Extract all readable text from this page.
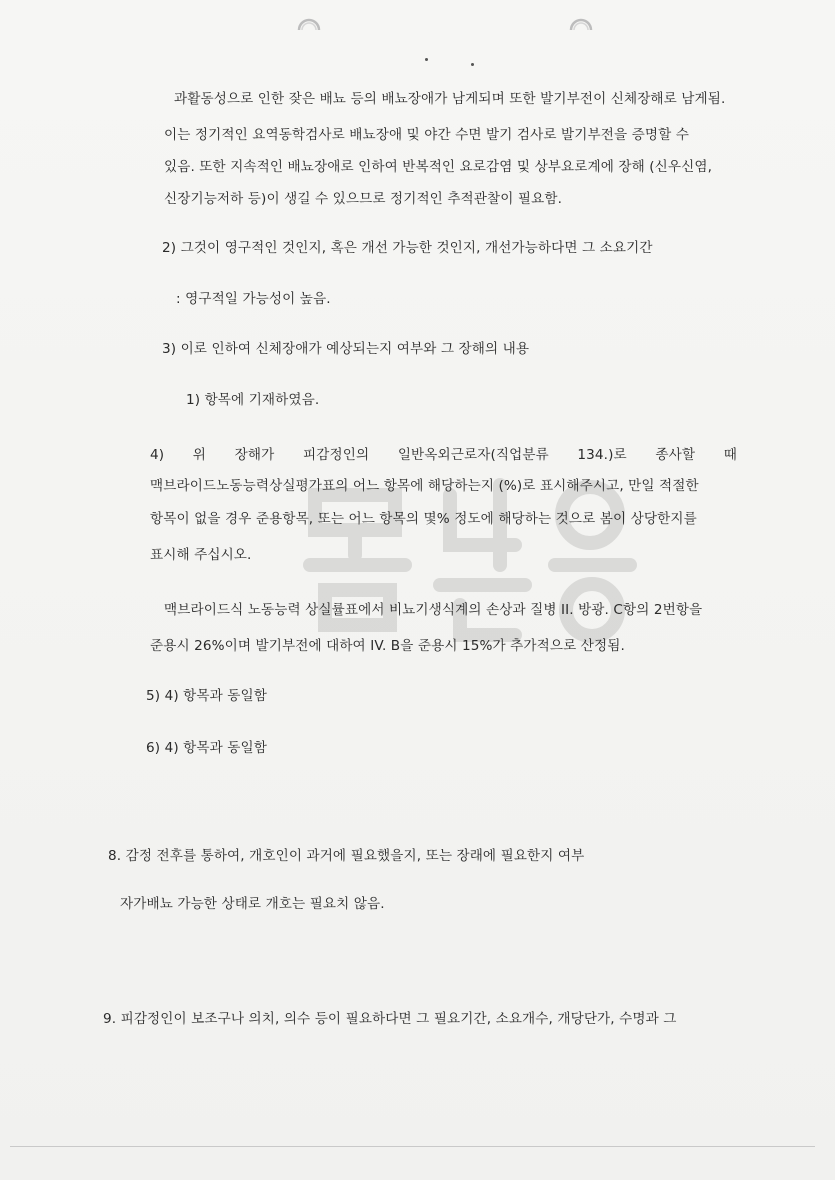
과활동성으로 인한 잦은 배뇨 등의 배뇨장애가 남게되며 또한 발기부전이 신체장해로 남게됨.
이는 정기적인 요역동학검사로 배뇨장애 및 야간 수면 발기 검사로 발기부전을 증명할 수
있음. 또한 지속적인 배뇨장애로 인하여 반복적인 요로감염 및 상부요로계에 장해 (신우신염,
신장기능저하 등)이 생길 수 있으므로 정기적인 추적관찰이 필요함.
2) 그것이 영구적인 것인지, 혹은 개선 가능한 것인지, 개선가능하다면 그 소요기간
: 영구적일 가능성이 높음.
3) 이로 인하여 신체장애가 예상되는지 여부와 그 장해의 내용
1) 항목에 기재하였음.
4) 위 장해가 피감정인의 일반옥외근로자(직업분류 134.)로 종사할 때
맥브라이드노동능력상실평가표의 어느 항목에 해당하는지 (%)로 표시해주시고, 만일 적절한
항목이 없을 경우 준용항목, 또는 어느 항목의 몇% 정도에 해당하는 것으로 봄이 상당한지를
표시해 주십시오.
맥브라이드식 노동능력 상실률표에서 비뇨기생식계의 손상과 질병 II. 방광. C항의 2번항을
준용시 26%이며 발기부전에 대하여 IV. B을 준용시 15%가 추가적으로 산정됨.
5) 4) 항목과 동일함
6) 4) 항목과 동일함
8. 감정 전후를 통하여, 개호인이 과거에 필요했을지, 또는 장래에 필요한지 여부
자가배뇨 가능한 상태로 개호는 필요치 않음.
9. 피감정인이 보조구나 의치, 의수 등이 필요하다면 그 필요기간, 소요개수, 개당단가, 수명과 그
